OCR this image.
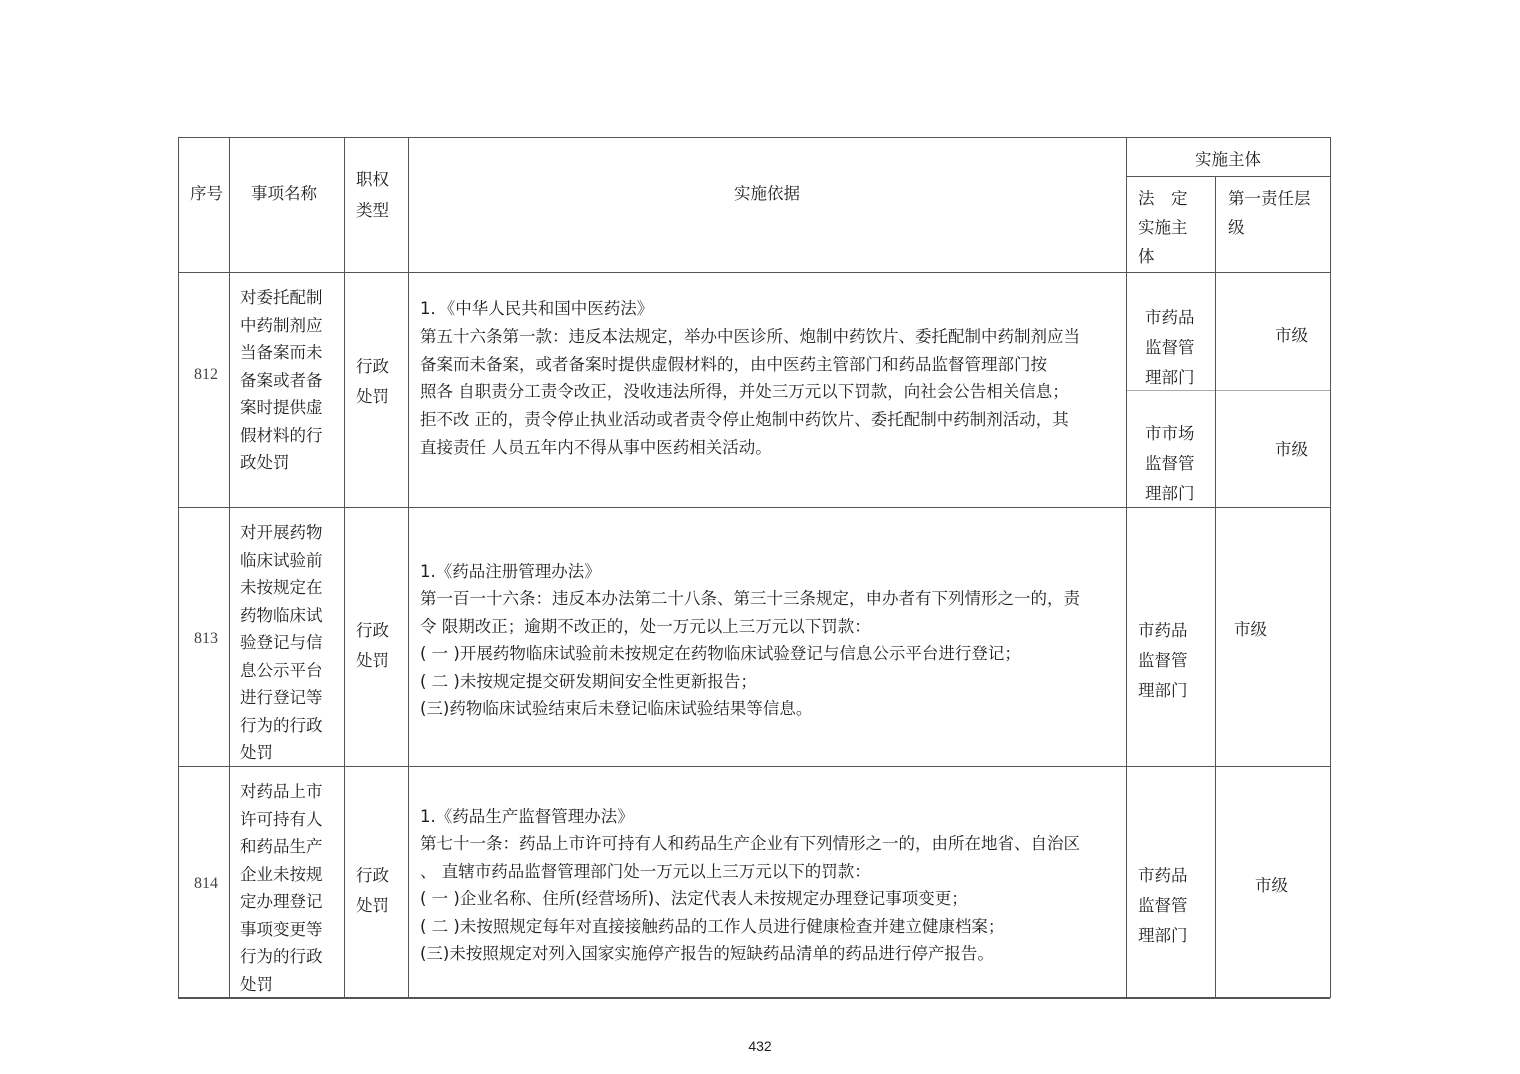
序号 事项名称
职权
类型
实施依据
实施主体
法　定
实施主
体
第一责任层
级
812
对委托配制
中药制剂应
当备案而未
备案或者备
案时提供虚
假材料的行
政处罚
行政
处罚
1．《中华人民共和国中医药法》
第五十六条第一款：违反本法规定，举办中医诊所、炮制中药饮片、委托配制中药制剂应当
备案而未备案，或者备案时提供虚假材料的，由中医药主管部门和药品监督管理部门按
照各 自职责分工责令改正，没收违法所得，并处三万元以下罚款，向社会公告相关信息；
拒不改 正的，责令停止执业活动或者责令停止炮制中药饮片、委托配制中药制剂活动，其
直接责任 人员五年内不得从事中医药相关活动。
市药品
监督管
理部门
市级
市市场
监督管
理部门
市级
813
对开展药物
临床试验前
未按规定在
药物临床试
验登记与信
息公示平台
进行登记等
行为的行政
处罚
行政
处罚
1.《药品注册管理办法》
第一百一十六条：违反本办法第二十八条、第三十三条规定，申办者有下列情形之一的，责
令 限期改正；逾期不改正的，处一万元以上三万元以下罚款：
( 一 )开展药物临床试验前未按规定在药物临床试验登记与信息公示平台进行登记；
( 二 )未按规定提交研发期间安全性更新报告；
(三)药物临床试验结束后未登记临床试验结果等信息。
市药品
监督管
理部门
市级
814
对药品上市
许可持有人
和药品生产
企业未按规
定办理登记
事项变更等
行为的行政
处罚
行政
处罚
1.《药品生产监督管理办法》
第七十一条：药品上市许可持有人和药品生产企业有下列情形之一的，由所在地省、自治区
、 直辖市药品监督管理部门处一万元以上三万元以下的罚款：
( 一 )企业名称、住所(经营场所)、法定代表人未按规定办理登记事项变更；
( 二 )未按照规定每年对直接接触药品的工作人员进行健康检查并建立健康档案；
(三)未按照规定对列入国家实施停产报告的短缺药品清单的药品进行停产报告。
市药品
监督管
理部门
市级
432
